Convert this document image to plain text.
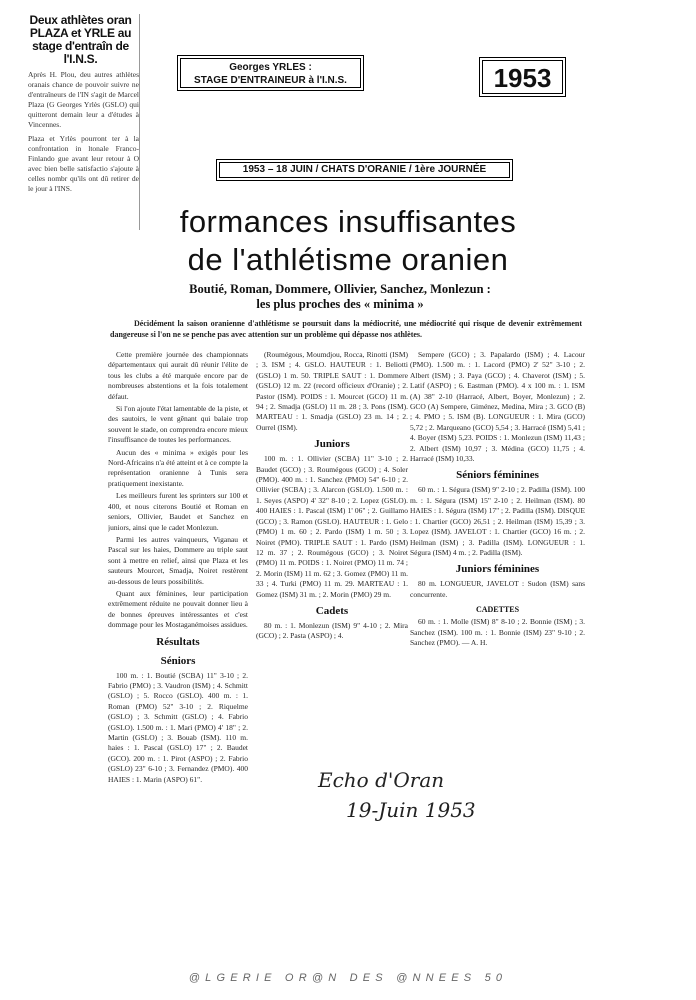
Deux athlètes oran PLAZA et YRLE au stage d'entraîn de l'I.N.S.
Après H. Plou, deu autres athlètes oranais chance de pouvoir suivre ne d'entraîneurs de l'IN s'agit de Marcel Plaza (G Georges Yrlès (GSLO) qui quitteront demain leur a d'études à Vincennes.
Plaza et Yrlès pourront ter à la confrontation in ltonale Franco-Finlando gue avant leur retour à O avec bien belle satisfactio s'ajoute à celles nombr qu'ils ont dû retirer de le jour à l'INS.
Georges YRLES :
STAGE D'ENTRAINEUR à l'I.N.S.	1953
1953 – 18 JUIN / CHATS D'ORANIE / 1ère JOURNÉE
formances insuffisantes
de l'athlétisme oranien
Boutié, Roman, Dommere, Ollivier, Sanchez, Monlezun :
les plus proches des « minima »
Décidément la saison oranienne d'athlétisme se poursuit dans la médiocrité, une médiocrité qui risque de devenir extrêmement dangereuse si l'on ne se penche pas avec attention sur un problème qui dépasse nos athlètes.

Cette première journée des championnats départementaux qui aurait dû réunir l'élite de tous les clubs a été marquée encore par de nombreuses abstentions et la fois totalement défaut.

Si l'on ajoute l'état lamentable de la piste, et des sautoirs, le vent gênant qui balaie trop souvent le stade, on comprendra encore mieux l'insuffisance de toutes les performances.

Aucun des « minima » exigés pour les Nord-Africains n'a été atteint et à ce compte la représentation oranienne à Tunis sera pratiquement inexistante.

Les meilleurs furent les sprinters sur 100 et 400, et nous citerons Boutié et Roman en seniors, Ollivier, Baudet et Sanchez en juniors, ainsi que le cadet Monlezun.

Parmi les autres vainqueurs, Viganau et Pascal sur les haies, Dommere au triple saut sont à mettre en relief, ainsi que Plaza et les sauteurs Mourcet, Smadja, Noiret restèrent au-dessous de leurs possibilités.

Quant aux féminines, leur participation extrêmement réduite ne pouvait donner lieu à de bonnes épreuves intéressantes et c'est dommage pour les Mostaganémoises assidues.

Résultats
Séniors

100 m. : 1. Boutié (SCBA) 11" 3-10 ; 2. Fabrio (PMO) ; 3. Vaudron (ISM) ; 4. Schmitt (GSLO) ; 5. Rocco (GSLO). 400 m. : 1. Roman (PMO) 52" 3-10 ; 2. Riquelme (GSLO) ; 3. Schmitt (GSLO) ; 4. Fabrio (GSLO). 1.500 m. : 1. Mari (PMO) 4' 18" ; 2. Martin (GSLO) ; 3. Bouab (ISM). 110 m. haies : 1. Pascal (GSLO) 17" ; 2. Baudet (GCO). 200 m. : 1. Pirot (ASPO) ; 2. Fabrio (GSLO) 23" 6-10 ; 3. Fernandez (PMO). 400 HAIES : 1. Marin (ASPO) 61".

(Roumégous, Moumdjou, Rocca, Rinotti (ISM) ; 3. ISM ; 4. GSLO. HAUTEUR : 1. Beliotti (GSLO) 1 m. 50. TRIPLE SAUT : 1. Dommere (GSLO) 12 m. 22 (record officieux d'Oranie) ; 2. Pastor (ISM). POIDS : 1. Mourcet (GCO) 11 m. 94 ; 2. Smadja (GSLO) 11 m. 28 ; 3. Pons (ISM). MARTEAU : 1. Smadja (GSLO) 23 m. 14 ; 2. Ourrel (ISM).

Juniors

100 m. : 1. Ollivier (SCBA) 11" 3-10 ; 2. Baudet (GCO) ; 3. Roumégous (GCO) ; 4. Soler (PMO). 400 m. : 1. Sanchez (PMO) 54" 6-10 ; 2. Ollivier (SCBA) ; 3. Alarcon (GSLO). 1.500 m. : 1. Seyes (ASPO) 4' 32" 8-10 ; 2. Lopez (GSLO). 400 HAIES : 1. Pascal (ISM) 1' 06" ; 2. Guillamo (GCO) ; 3. Ramon (GSLO). HAUTEUR : 1. Gelo (PMO) 1 m. 60 ; 2. Pardo (ISM) 1 m. 50 ; 3. Noiret (PMO). TRIPLE SAUT : 1. Pardo (ISM) 12 m. 37 ; 2. Roumégous (GCO) ; 3. Noiret (PMO) 11 m. POIDS : 1. Noiret (PMO) 11 m. 74 ; 2. Morin (ISM) 11 m. 62 ; 3. Gomez (PMO) 11 m. 33 ; 4. Turki (PMO) 11 m. 29. MARTEAU : 1. Gomez (ISM) 31 m. ; 2. Morin (PMO) 29 m.

Cadets

80 m. : 1. Monlezun (ISM) 9" 4-10 ; 2. Mira (GCO) ; 2. Pasta (ASPO) ; 4.

Sempere (GCO) ; 3. Papalardo (ISM) ; 4. Lacour (PMO). 1.500 m. : 1. Lacord (PMO) 2' 52" 3-10 ; 2. Albert (ISM) ; 3. Paya (GCO) ; 4. Chaverot (ISM) ; 5. Latif (ASPO) ; 6. Eastman (PMO). 4 x 100 m. : 1. ISM (A) 38" 2-10 (Harracé, Albert, Boyer, Monlezun) ; 2. GCO (A) Sempere, Giménez, Medina, Mira ; 3. GCO (B) ; 4. PMO ; 5. ISM (B). LONGUEUR : 1. Mira (GCO) 5,72 ; 2. Marqueano (GCO) 5,54 ; 3. Harracé (ISM) 5,41 ; 4. Boyer (ISM) 5,23. POIDS : 1. Monlezun (ISM) 11,43 ; 2. Albert (ISM) 10,97 ; 3. Médina (GCO) 11,75 ; 4. Harracé (ISM) 10,33.

Séniors féminines

60 m. : 1. Ségura (ISM) 9" 2-10 ; 2. Padilla (ISM). 100 m. : 1. Ségura (ISM) 15" 2-10 ; 2. Heilman (ISM). 80 HAIES : 1. Ségura (ISM) 17" ; 2. Padilla (ISM). DISQUE : 1. Chartier (GCO) 26,51 ; 2. Heilman (ISM) 15,39 ; 3. Lopez (ISM). JAVELOT : 1. Chartier (GCO) 16 m. ; 2. Heilman (ISM) ; 3. Padilla (ISM). LONGUEUR : 1. Ségura (ISM) 4 m. ; 2. Padilla (ISM).

Juniors féminines

80 m. LONGUEUR, JAVELOT : Sudon (ISM) sans concurrente.

CADETTES

60 m. : 1. Molle (ISM) 8" 8-10 ; 2. Bonnie (ISM) ; 3. Sanchez (ISM). 100 m. : 1. Bonnie (ISM) 23" 9-10 ; 2. Sanchez (PMO). — A. H.

Echo d'Oran
19-Juin 1953
@LGERIE OR@N DES @NNEES 50
